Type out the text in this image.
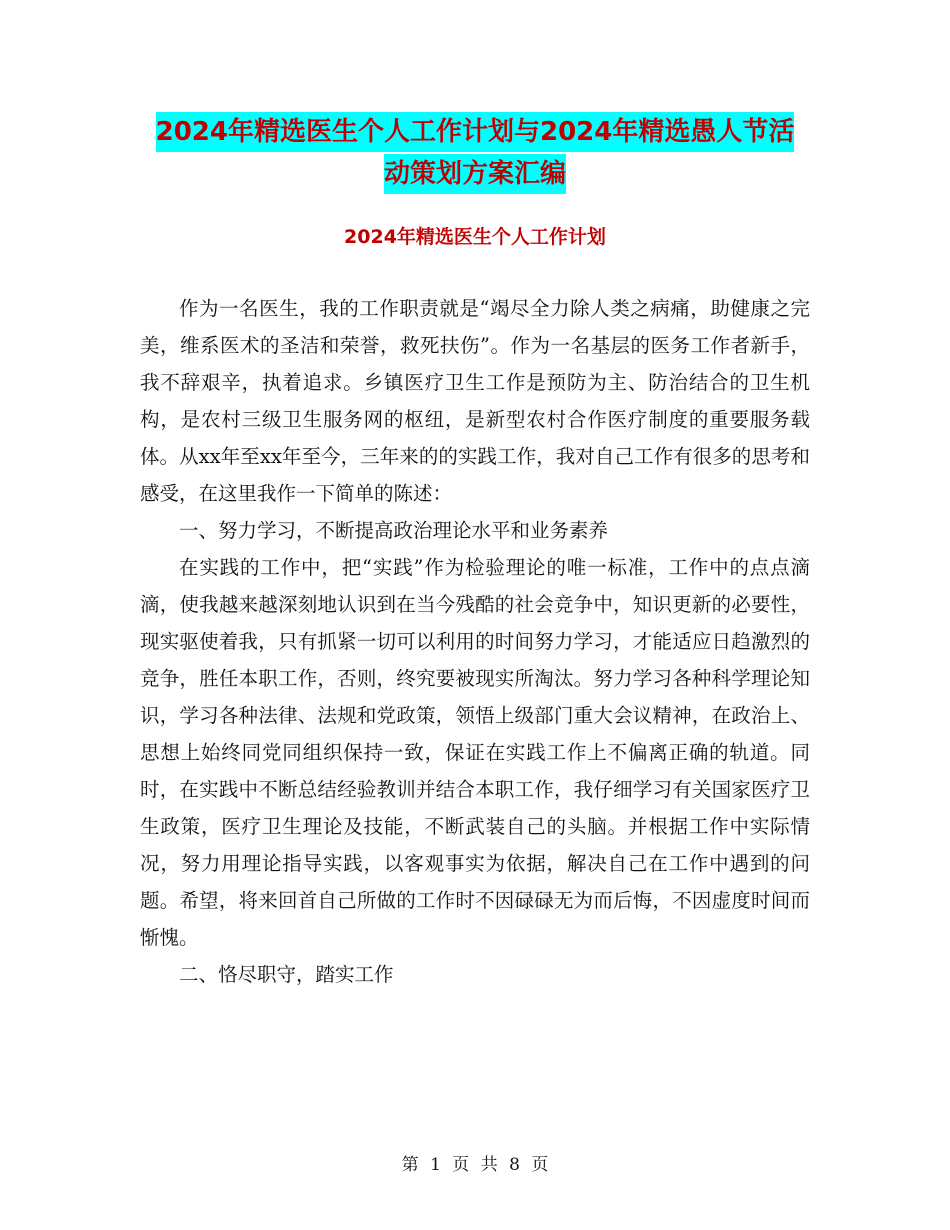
2024年精选医生个人工作计划与2024年精选愚人节活
动策划方案汇编
2024年精选医生个人工作计划

作为一名医生，我的工作职责就是“竭尽全力除人类之病痛，助健康之完美，维系医术的圣洁和荣誉，救死扶伤”。作为一名基层的医务工作者新手，我不辞艰辛，执着追求。乡镇医疗卫生工作是预防为主、防治结合的卫生机构，是农村三级卫生服务网的枢纽，是新型农村合作医疗制度的重要服务载体。从xx年至xx年至今，三年来的的实践工作，我对自己工作有很多的思考和感受，在这里我作一下简单的陈述：

一、努力学习，不断提高政治理论水平和业务素养

在实践的工作中，把“实践”作为检验理论的唯一标准，工作中的点点滴滴，使我越来越深刻地认识到在当今残酷的社会竞争中，知识更新的必要性，现实驱使着我，只有抓紧一切可以利用的时间努力学习，才能适应日趋激烈的竞争，胜任本职工作，否则，终究要被现实所淘汰。努力学习各种科学理论知识，学习各种法律、法规和党政策，领悟上级部门重大会议精神，在政治上、思想上始终同党同组织保持一致，保证在实践工作上不偏离正确的轨道。同时，在实践中不断总结经验教训并结合本职工作，我仔细学习有关国家医疗卫生政策，医疗卫生理论及技能，不断武装自己的头脑。并根据工作中实际情况，努力用理论指导实践，以客观事实为依据，解决自己在工作中遇到的问题。希望，将来回首自己所做的工作时不因碌碌无为而后悔，不因虚度时间而惭愧。

二、恪尽职守，踏实工作

第 1 页 共 8 页
